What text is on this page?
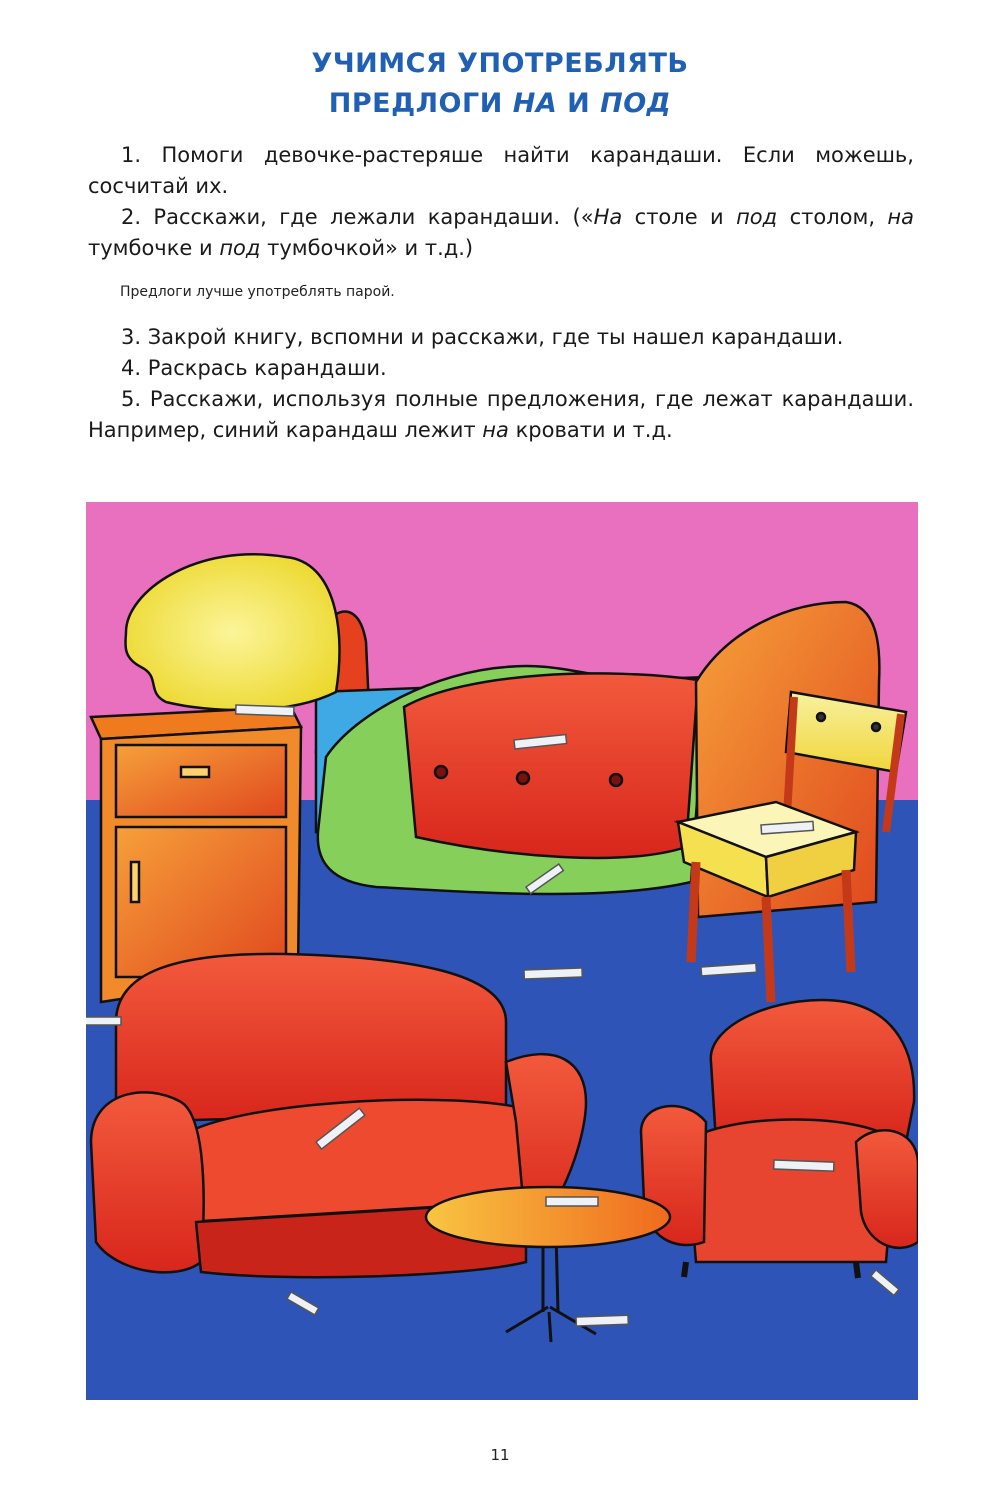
УЧИМСЯ УПОТРЕБЛЯТЬ
ПРЕДЛОГИ НА И ПОД

1. Помоги девочке-растеряше найти карандаши. Если можешь, сосчитай их.

2. Расскажи, где лежали карандаши. («На столе и под столом, на тумбочке и под тумбочкой» и т.д.)

Предлоги лучше употреблять парой.

3. Закрой книгу, вспомни и расскажи, где ты нашел карандаши.

4. Раскрась карандаши.

5. Расскажи, используя полные предложения, где лежат карандаши. Например, синий карандаш лежит на кровати и т.д.

11
